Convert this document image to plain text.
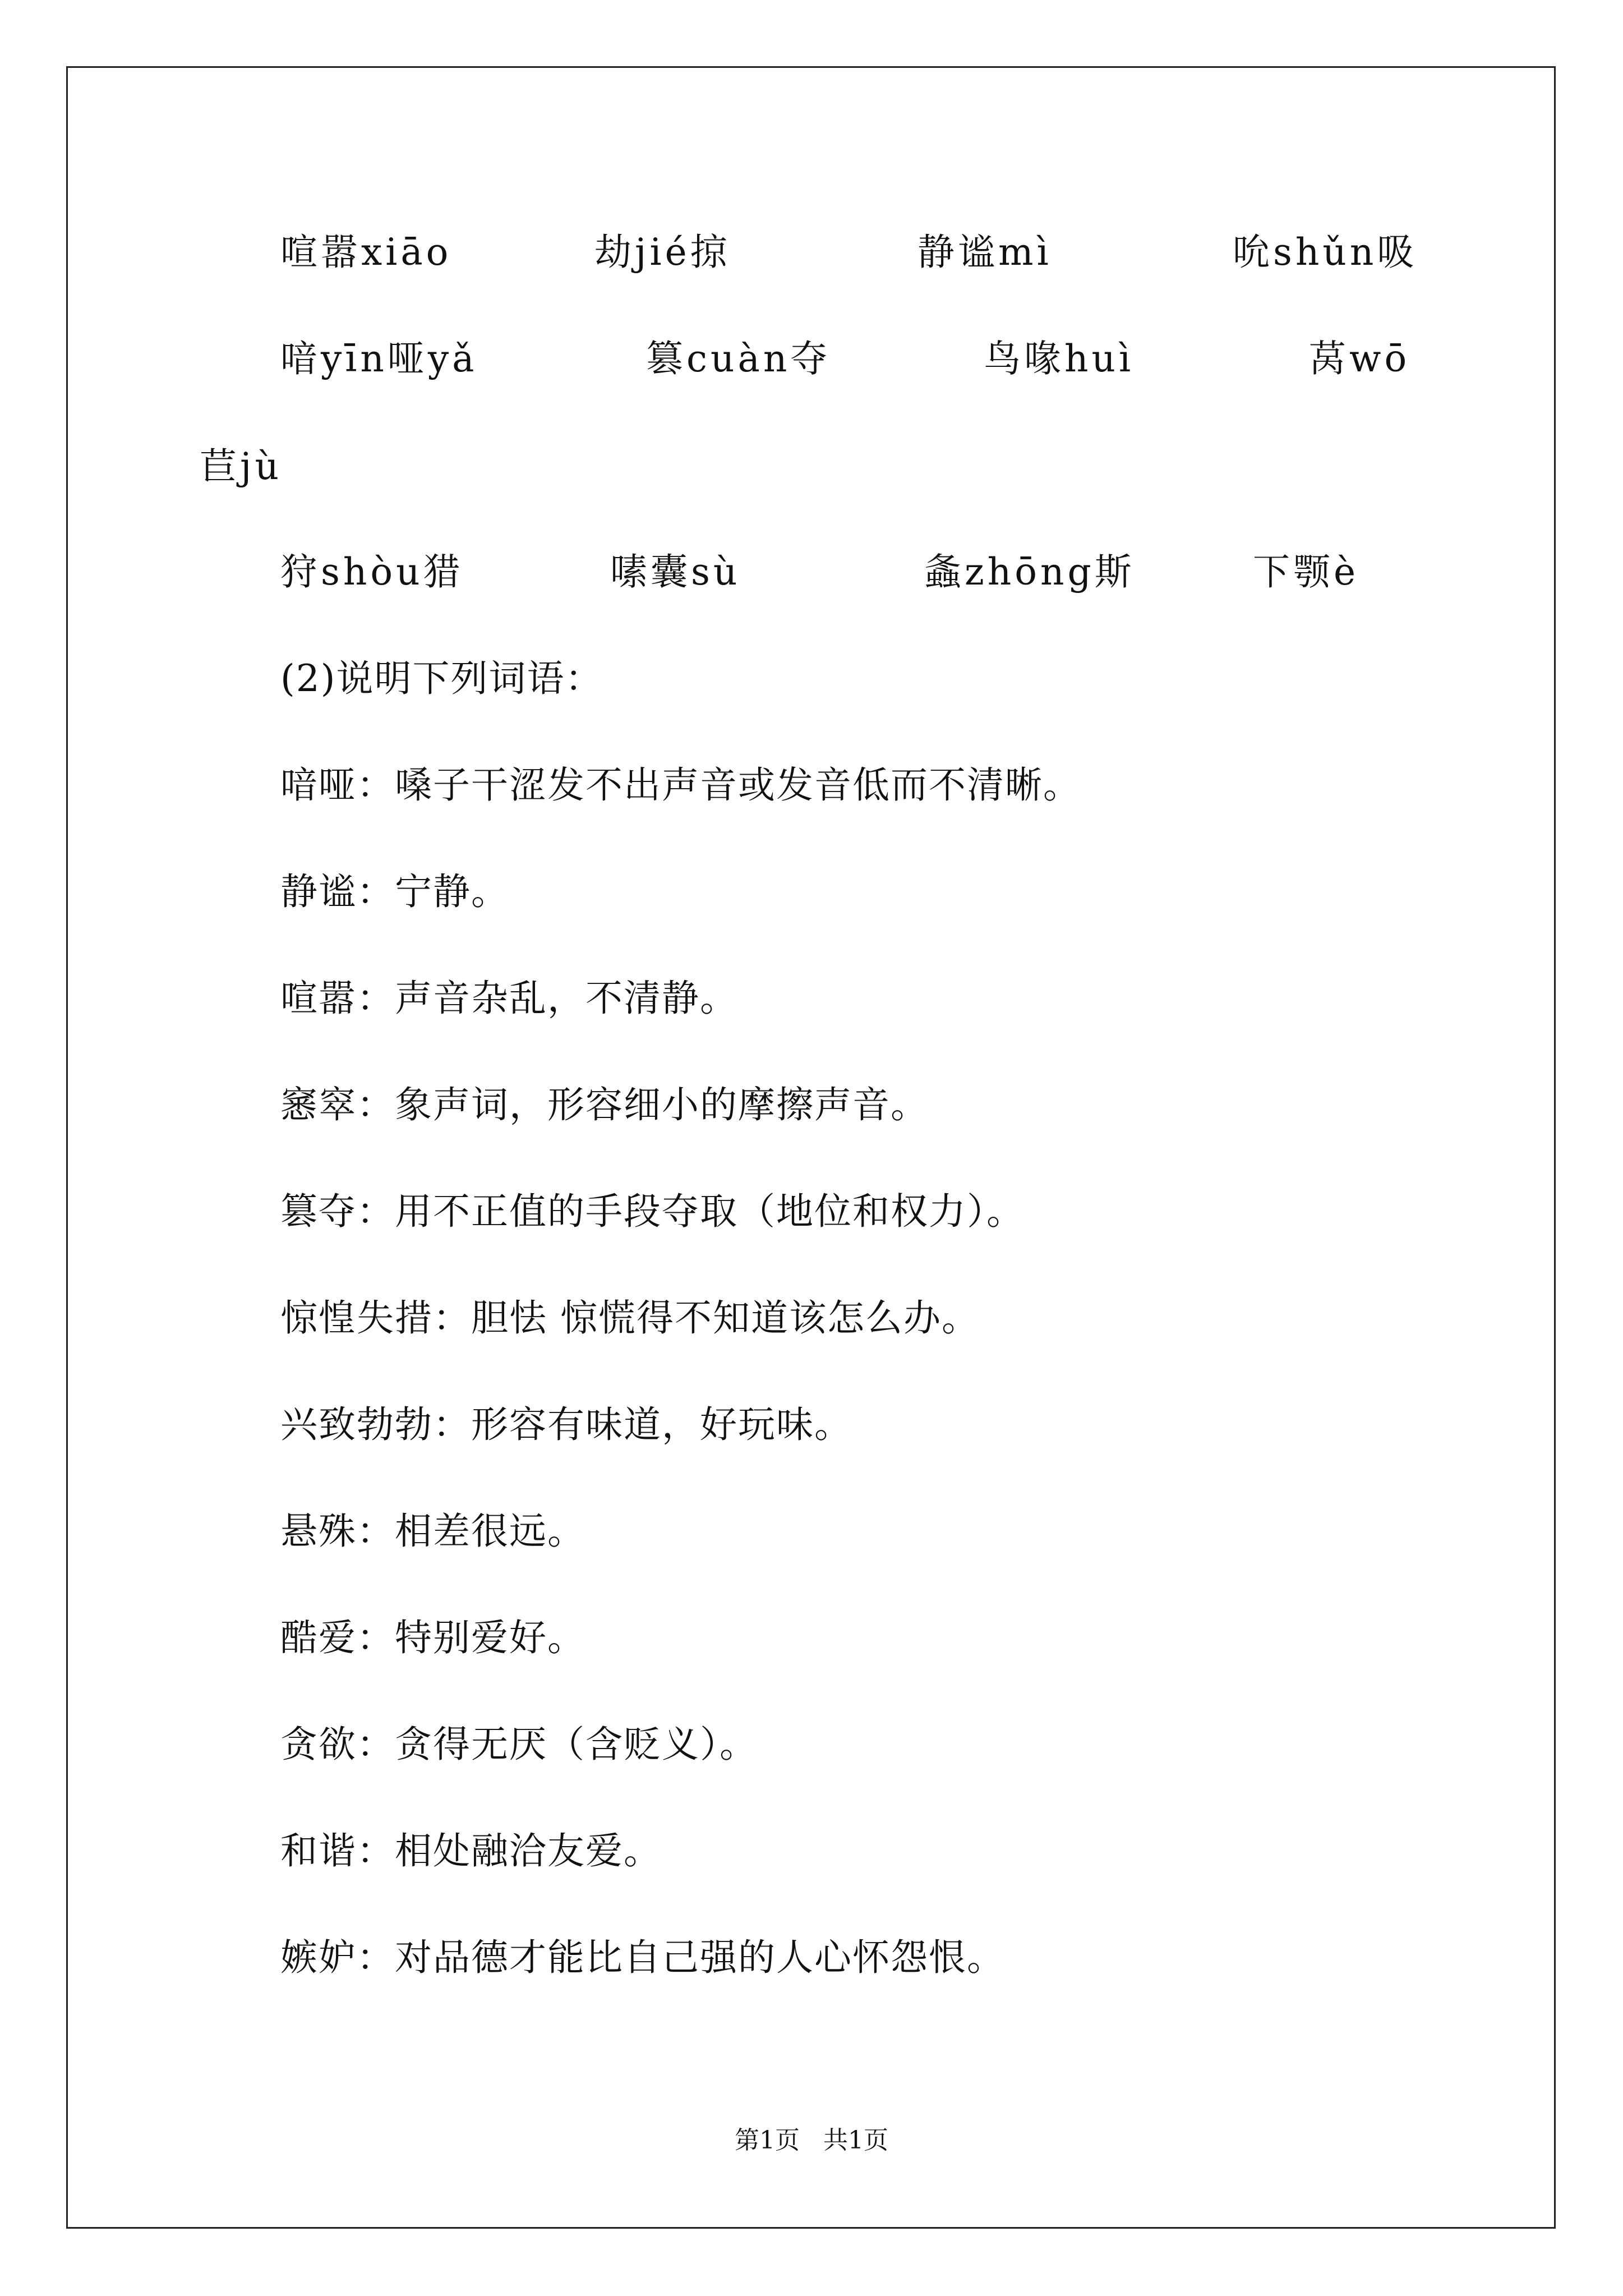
喧嚣xiāo	劫jié掠	静谧mì	吮shǔn吸
喑yīn哑yǎ	篡cuàn夺	鸟喙huì	莴wō
苣jù
狩shòu猎	嗉囊sù	螽zhōng斯	下颚è
(2)说明下列词语：
喑哑：嗓子干涩发不出声音或发音低而不清晰。
静谧：宁静。
喧嚣：声音杂乱，不清静。
窸窣：象声词，形容细小的摩擦声音。
篡夺：用不正值的手段夺取（地位和权力）。
惊惶失措：胆怯 惊慌得不知道该怎么办。
兴致勃勃：形容有味道，好玩味。
悬殊：相差很远。
酷爱：特别爱好。
贪欲：贪得无厌（含贬义）。
和谐：相处融洽友爱。
嫉妒：对品德才能比自己强的人心怀怨恨。
第1页   共1页
